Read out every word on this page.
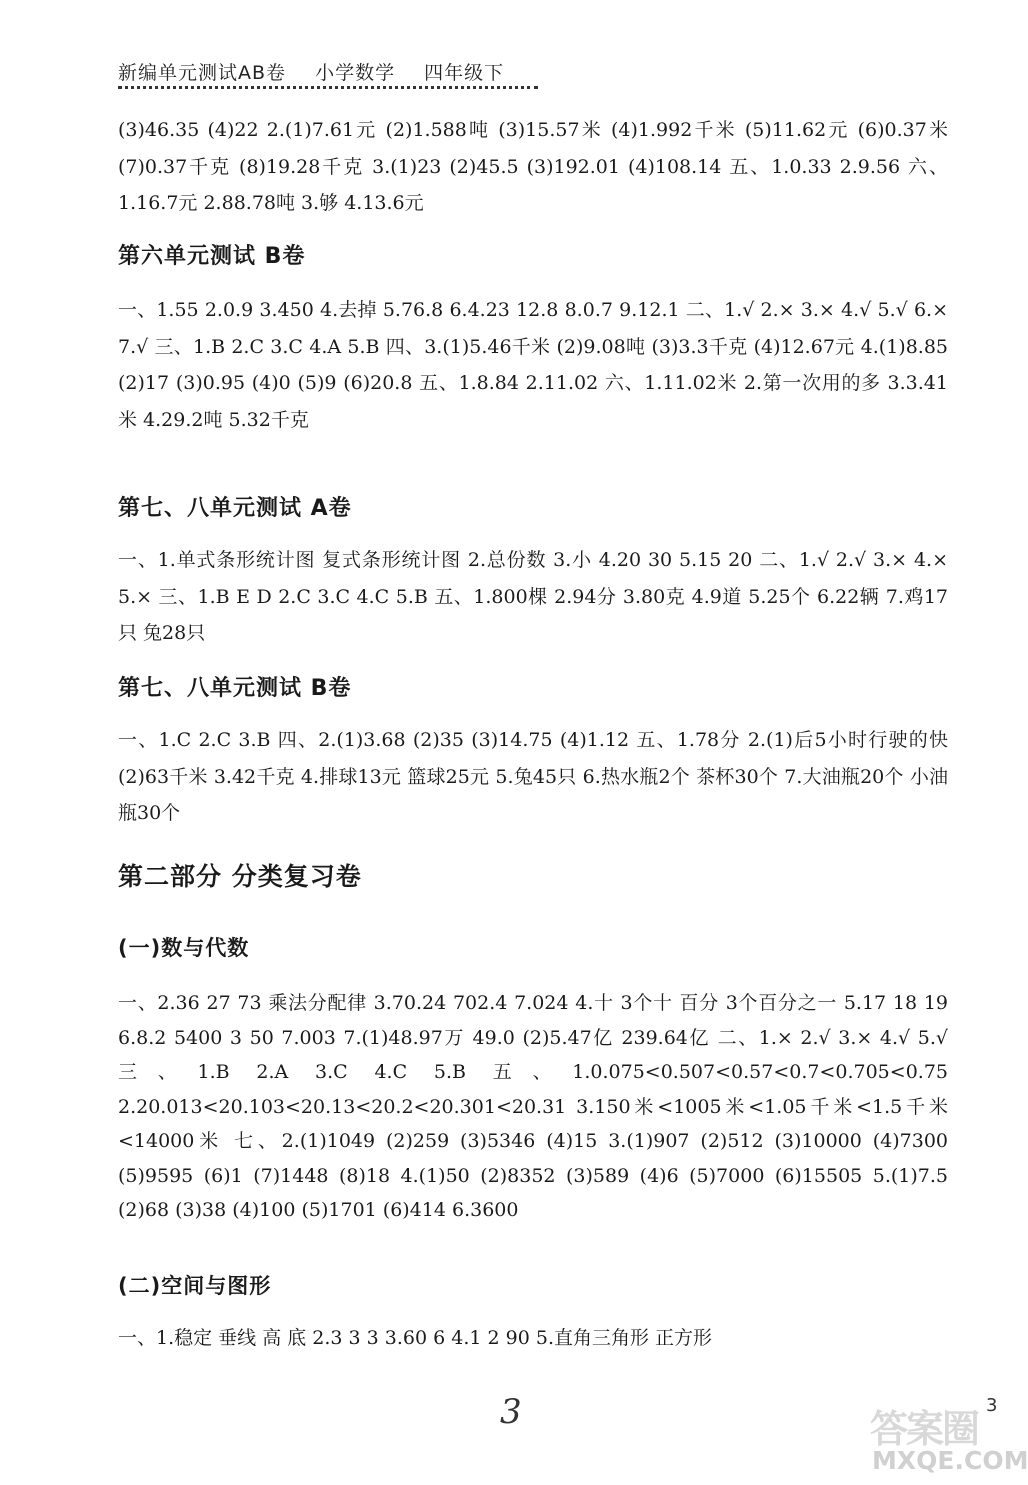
新编单元测试AB卷 小学数学 四年级下

(3)46.35 (4)22 2.(1)7.61元 (2)1.588吨 (3)15.57米 (4)1.992千米 (5)11.62元 (6)0.37米 (7)0.37千克 (8)19.28千克 3.(1)23 (2)45.5 (3)192.01 (4)108.14 五、1.0.33 2.9.56 六、1.16.7元 2.88.78吨 3.够 4.13.6元

第六单元测试 B卷

一、1.55 2.0.9 3.450 4.去掉 5.76.8 6.4.23 12.8 8.0.7 9.12.1 二、1.√ 2.× 3.× 4.√ 5.√ 6.× 7.√ 三、1.B 2.C 3.C 4.A 5.B 四、3.(1)5.46千米 (2)9.08吨 (3)3.3千克 (4)12.67元 4.(1)8.85 (2)17 (3)0.95 (4)0 (5)9 (6)20.8 五、1.8.84 2.11.02 六、1.11.02米 2.第一次用的多 3.3.41米 4.29.2吨 5.32千克

第七、八单元测试 A卷

一、1.单式条形统计图 复式条形统计图 2.总份数 3.小 4.20 30 5.15 20 二、1.√ 2.√ 3.× 4.× 5.× 三、1.B E D 2.C 3.C 4.C 5.B 五、1.800棵 2.94分 3.80克 4.9道 5.25个 6.22辆 7.鸡17只 兔28只

第七、八单元测试 B卷

一、1.C 2.C 3.B 四、2.(1)3.68 (2)35 (3)14.75 (4)1.12 五、1.78分 2.(1)后5小时行驶的快 (2)63千米 3.42千克 4.排球13元 篮球25元 5.兔45只 6.热水瓶2个 茶杯30个 7.大油瓶20个 小油瓶30个

第二部分 分类复习卷

(一)数与代数

一、2.36 27 73 乘法分配律 3.70.24 702.4 7.024 4.十 3个十 百分 3个百分之一 5.17 18 19 6.8.2 5400 3 50 7.003 7.(1)48.97万 49.0 (2)5.47亿 239.64亿 二、1.× 2.√ 3.× 4.√ 5.√ 三、1.B 2.A 3.C 4.C 5.B 五、1.0.075<0.507<0.57<0.7<0.705<0.75 2.20.013<20.103<20.13<20.2<20.301<20.31 3.150米<1005米<1.05千米<1.5千米<14000米 七、2.(1)1049 (2)259 (3)5346 (4)15 3.(1)907 (2)512 (3)10000 (4)7300 (5)9595 (6)1 (7)1448 (8)18 4.(1)50 (2)8352 (3)589 (4)6 (5)7000 (6)15505 5.(1)7.5 (2)68 (3)38 (4)100 (5)1701 (6)414 6.3600

(二)空间与图形

一、1.稳定 垂线 高 底 2.3 3 3 3.60 6 4.1 2 90 5.直角三角形 正方形

3	3
答案圈
MXQE.COM
